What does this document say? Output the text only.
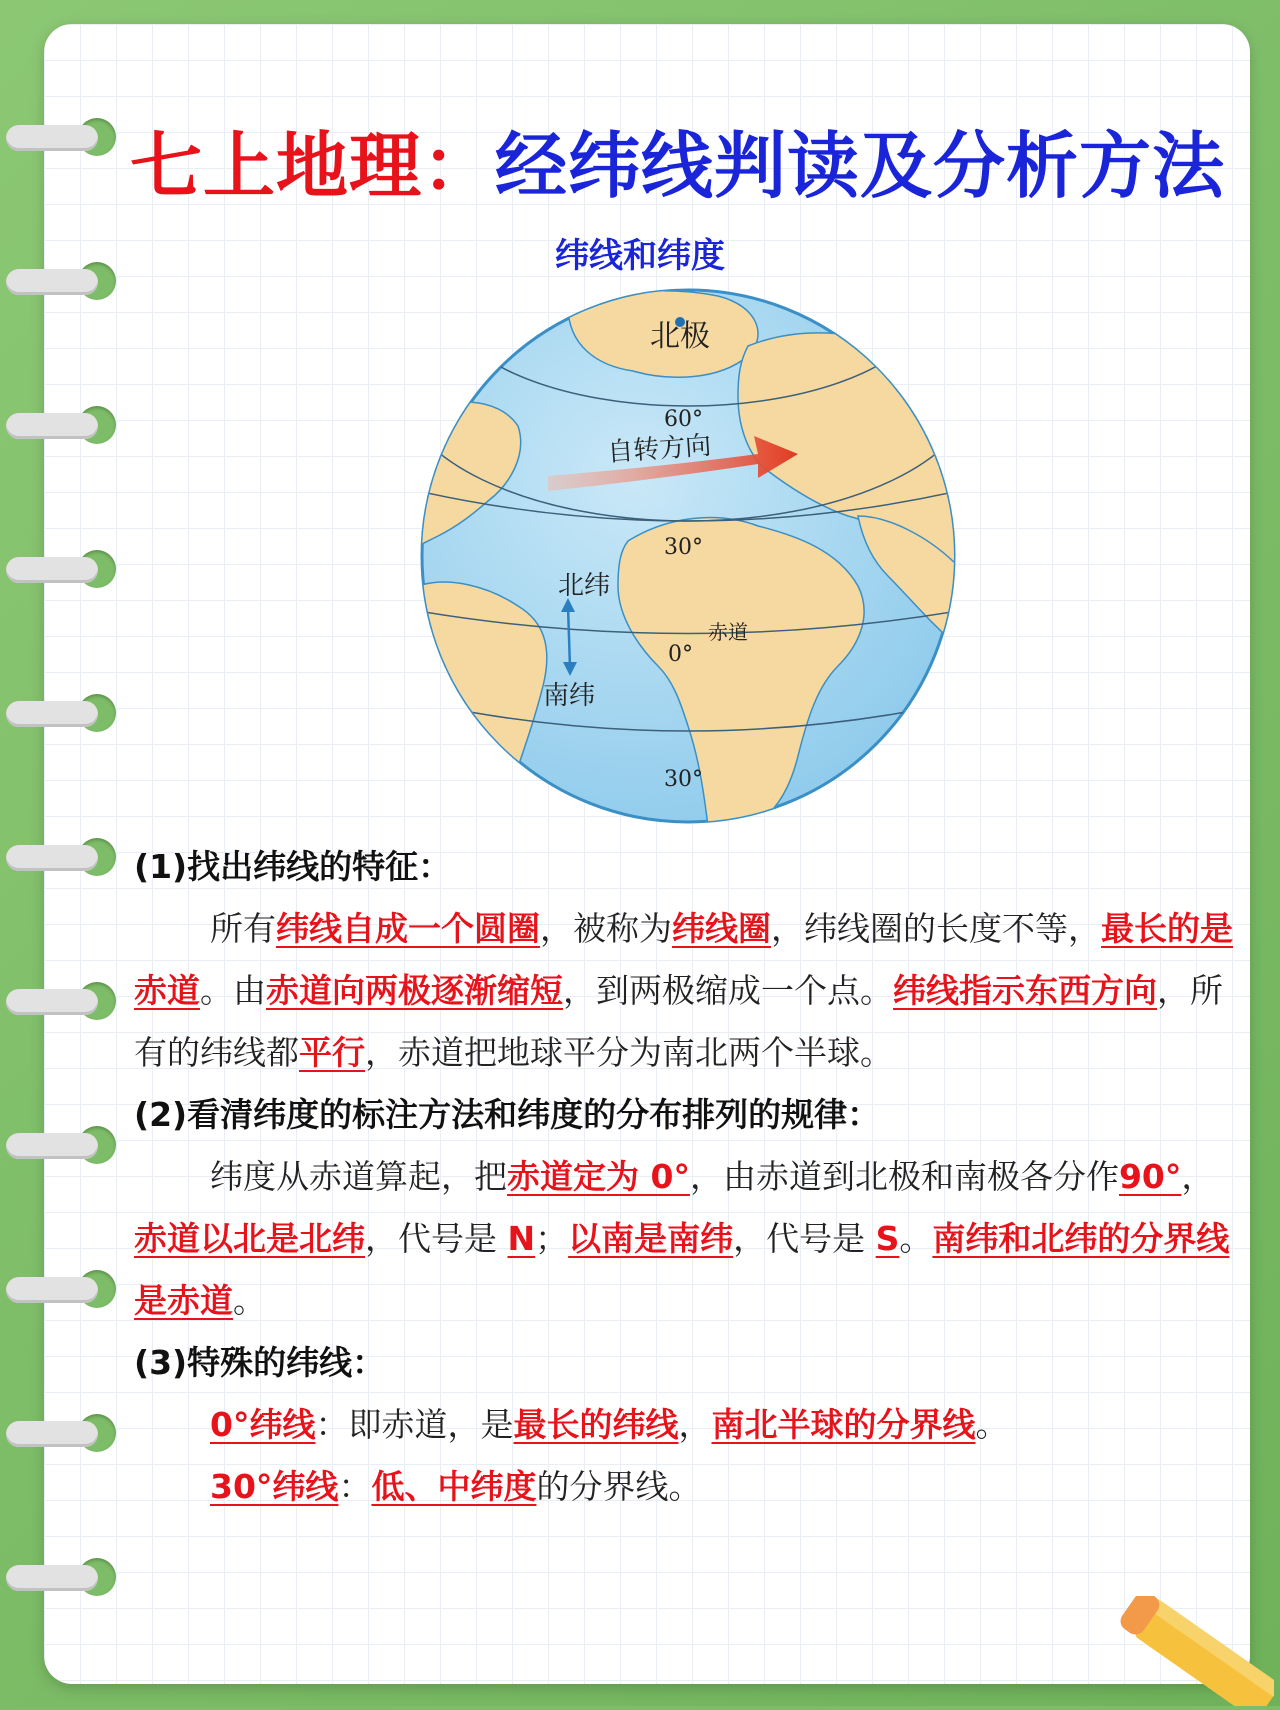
七上地理：经纬线判读及分析方法
纬线和纬度
北极
60°
自转方向
30°
北纬
南纬
赤道
0°
30°
(1)找出纬线的特征：
所有纬线自成一个圆圈，被称为纬线圈，纬线圈的长度不等，最长的是赤道。由赤道向两极逐渐缩短，到两极缩成一个点。纬线指示东西方向，所有的纬线都平行，赤道把地球平分为南北两个半球。
(2)看清纬度的标注方法和纬度的分布排列的规律：
纬度从赤道算起，把赤道定为 0°，由赤道到北极和南极各分作90°，赤道以北是北纬，代号是 N；以南是南纬，代号是 S。南纬和北纬的分界线是赤道。
(3)特殊的纬线：
0°纬线：即赤道，是最长的纬线，南北半球的分界线。
30°纬线：低、中纬度的分界线。
